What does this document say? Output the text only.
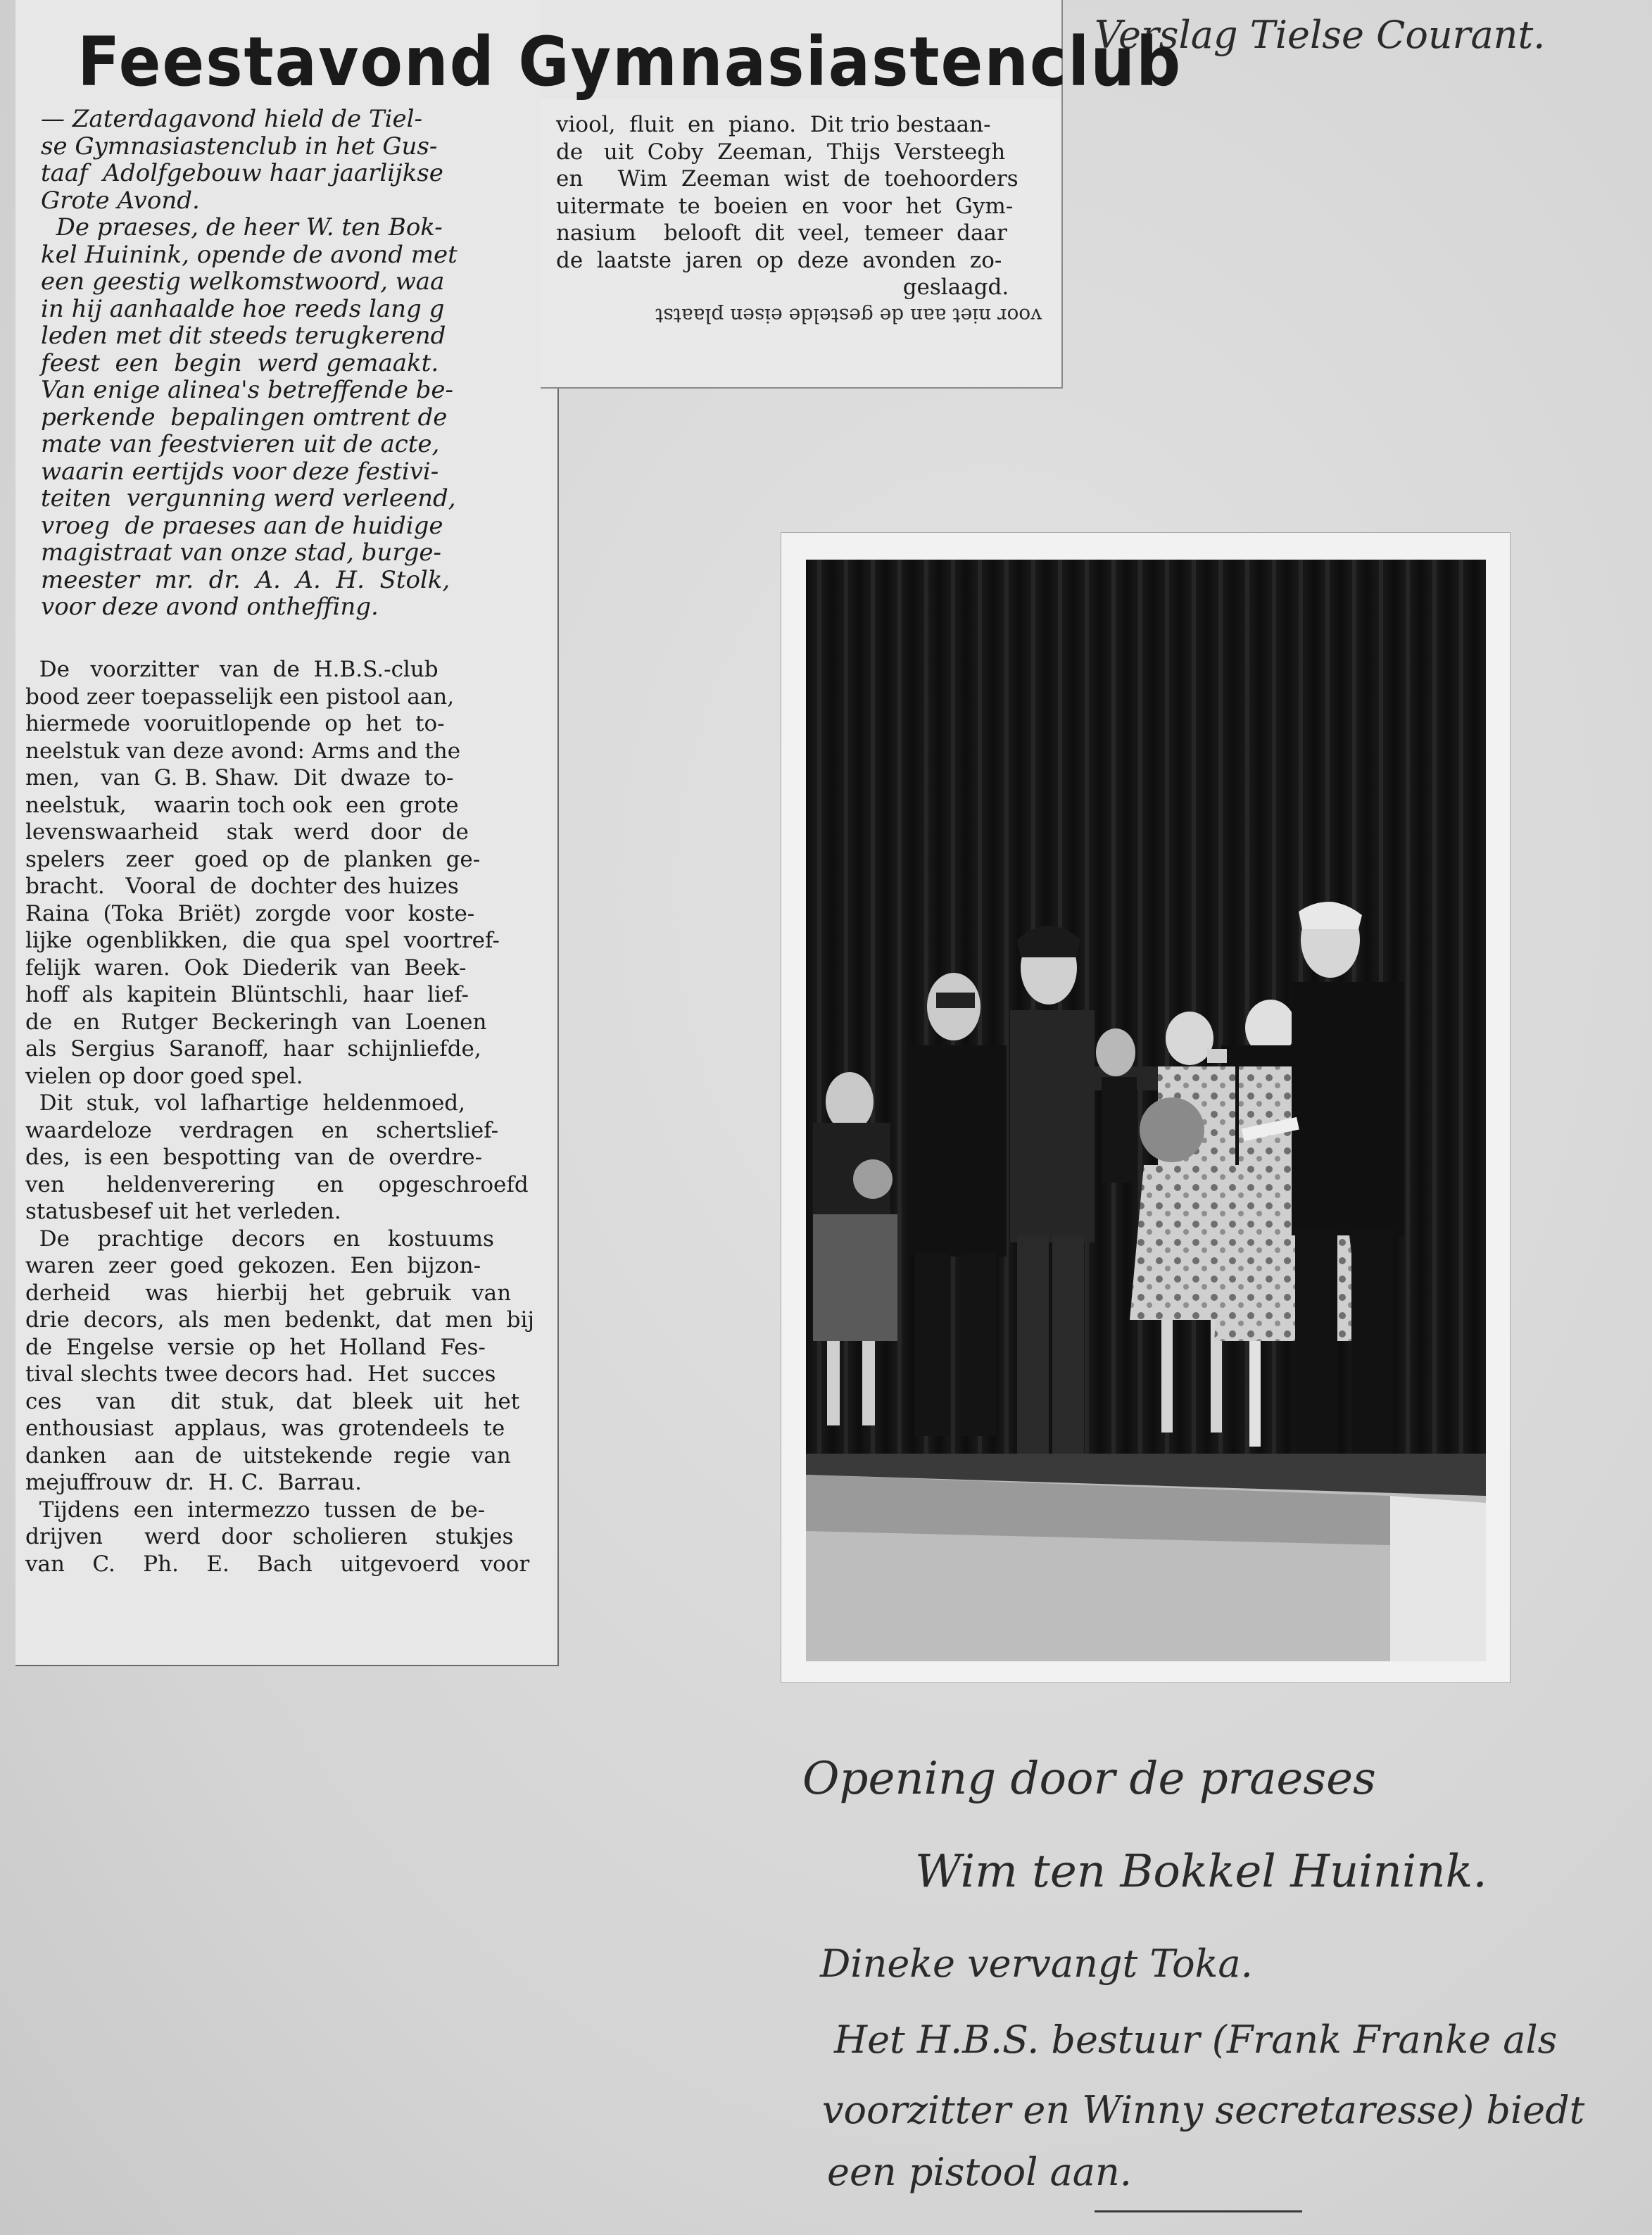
Verslag Tielse Courant.
Feestavond Gymnasiastenclub
— Zaterdagavond hield de Tiel-
se Gymnasiastenclub in het Gus-
taaf  Adolfgebouw haar jaarlijkse
Grote Avond.
De praeses, de heer W. ten Bok-
kel Huinink, opende de avond met
een geestig welkomstwoord, waa
in hij aanhaalde hoe reeds lang g
leden met dit steeds terugkerend
feest  een  begin  werd gemaakt.
Van enige alinea's betreffende be-
perkende  bepalingen omtrent de
mate van feestvieren uit de acte,
waarin eertijds voor deze festivi-
teiten  vergunning werd verleend,
vroeg  de praeses aan de huidige
magistraat van onze stad, burge-
meester  mr.  dr.  A.  A.  H.  Stolk,
voor deze avond ontheffing.
De   voorzitter   van  de  H.B.S.-club
bood zeer toepasselijk een pistool aan,
hiermede  vooruitlopende  op  het  to-
neelstuk van deze avond: Arms and the
men,   van  G. B. Shaw.  Dit  dwaze  to-
neelstuk,    waarin toch ook  een  grote
levenswaarheid    stak   werd   door   de
spelers   zeer   goed  op  de  planken  ge-
bracht.   Vooral  de  dochter des huizes
Raina  (Toka  Briët)  zorgde  voor  koste-
lijke  ogenblikken,  die  qua  spel  voortref-
felijk  waren.  Ook  Diederik  van  Beek-
hoff  als  kapitein  Blüntschli,  haar  lief-
de   en   Rutger  Beckeringh  van  Loenen
als  Sergius  Saranoff,  haar  schijnliefde,
vielen op door goed spel.
Dit  stuk,  vol  lafhartige  heldenmoed,
waardeloze    verdragen    en    schertslief-
des,  is een  bespotting  van  de  overdre-
ven      heldenverering      en     opgeschroefd
statusbesef uit het verleden.
De    prachtige    decors    en    kostuums
waren  zeer  goed  gekozen.  Een  bijzon-
derheid     was    hierbij   het   gebruik   van
drie  decors,  als  men  bedenkt,  dat  men  bij
de  Engelse  versie  op  het  Holland  Fes-
tival slechts twee decors had.  Het  succes
ces     van     dit   stuk,   dat   bleek   uit   het
enthousiast   applaus,  was  grotendeels  te
danken    aan   de   uitstekende   regie   van
mejuffrouw  dr.  H. C.  Barrau.
Tijdens  een  intermezzo  tussen  de  be-
drijven      werd   door   scholieren    stukjes
van    C.    Ph.    E.    Bach    uitgevoerd   voor
viool,  fluit  en  piano.  Dit trio bestaan-
de   uit  Coby  Zeeman,  Thijs  Versteegh
en     Wim  Zeeman  wist  de  toehoorders
uitermate  te  boeien  en  voor  het  Gym-
nasium    belooft  dit  veel,  temeer  daar
de  laatste  jaren  op  deze  avonden  zo-
geslaagd.
voor niet aan de gestelde eisen plaatst
Opening door de praeses
Wim ten Bokkel Huinink.
Dineke vervangt Toka.
Het H.B.S. bestuur (Frank Franke als
voorzitter en Winny secretaresse) biedt
een pistool aan.
